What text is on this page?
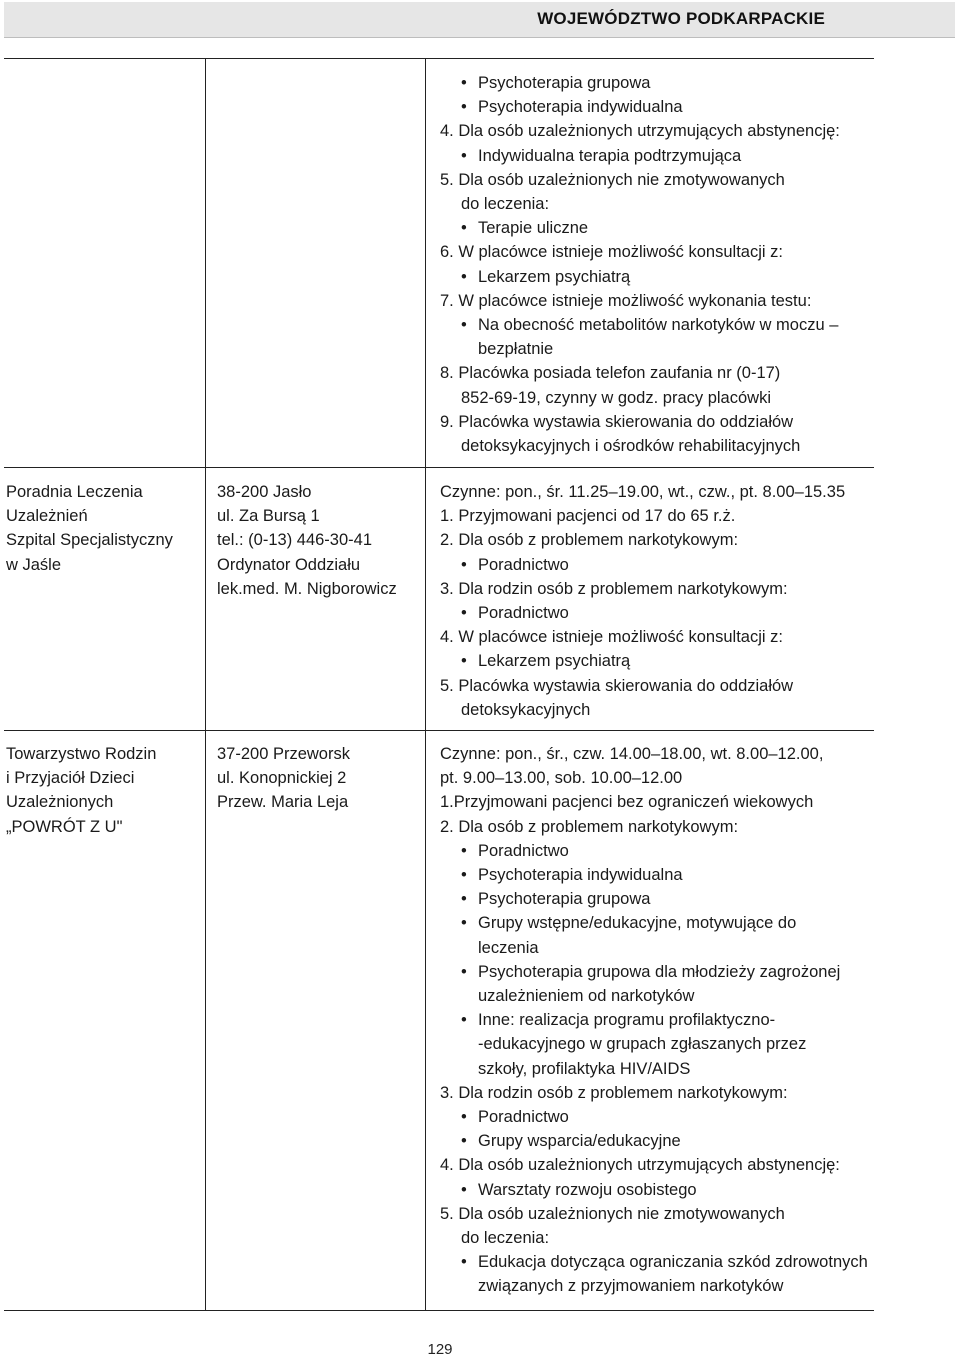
WOJEWÓDZTWO PODKARPACKIE
• Psychoterapia grupowa
• Psychoterapia indywidualna
4. Dla osób uzależnionych utrzymujących abstynencję:
• Indywidualna terapia podtrzymująca
5. Dla osób uzależnionych nie zmotywowanych
do leczenia:
• Terapie uliczne
6. W placówce istnieje możliwość konsultacji z:
• Lekarzem psychiatrą
7. W placówce istnieje możliwość wykonania testu:
• Na obecność metabolitów narkotyków w moczu –
bezpłatnie
8. Placówka posiada telefon zaufania nr (0-17)
852-69-19, czynny w godz. pracy placówki
9. Placówka wystawia skierowania do oddziałów
detoksykacyjnych i ośrodków rehabilitacyjnych
Poradnia Leczenia
Uzależnień
Szpital Specjalistyczny
w Jaśle
38-200 Jasło
ul. Za Bursą 1
tel.: (0-13) 446-30-41
Ordynator Oddziału
lek.med. M. Nigborowicz
Czynne: pon., śr. 11.25–19.00, wt., czw., pt. 8.00–15.35
1. Przyjmowani pacjenci od 17 do 65 r.ż.
2. Dla osób z problemem narkotykowym:
• Poradnictwo
3. Dla rodzin osób z problemem narkotykowym:
• Poradnictwo
4. W placówce istnieje możliwość konsultacji z:
• Lekarzem psychiatrą
5. Placówka wystawia skierowania do oddziałów
detoksykacyjnych
Towarzystwo Rodzin
i Przyjaciół Dzieci
Uzależnionych
„POWRÓT Z U"
37-200 Przeworsk
ul. Konopnickiej 2
Przew. Maria Leja
Czynne: pon., śr., czw. 14.00–18.00, wt. 8.00–12.00,
pt. 9.00–13.00, sob. 10.00–12.00
1.Przyjmowani pacjenci bez ograniczeń wiekowych
2. Dla osób z problemem narkotykowym:
• Poradnictwo
• Psychoterapia indywidualna
• Psychoterapia grupowa
• Grupy wstępne/edukacyjne, motywujące do
leczenia
• Psychoterapia grupowa dla młodzieży zagrożonej
uzależnieniem od narkotyków
• Inne: realizacja programu profilaktyczno-
-edukacyjnego w grupach zgłaszanych przez
szkoły, profilaktyka HIV/AIDS
3. Dla rodzin osób z problemem narkotykowym:
• Poradnictwo
• Grupy wsparcia/edukacyjne
4. Dla osób uzależnionych utrzymujących abstynencję:
• Warsztaty rozwoju osobistego
5. Dla osób uzależnionych nie zmotywowanych
do leczenia:
• Edukacja dotycząca ograniczania szkód zdrowotnych
związanych z przyjmowaniem narkotyków
129
